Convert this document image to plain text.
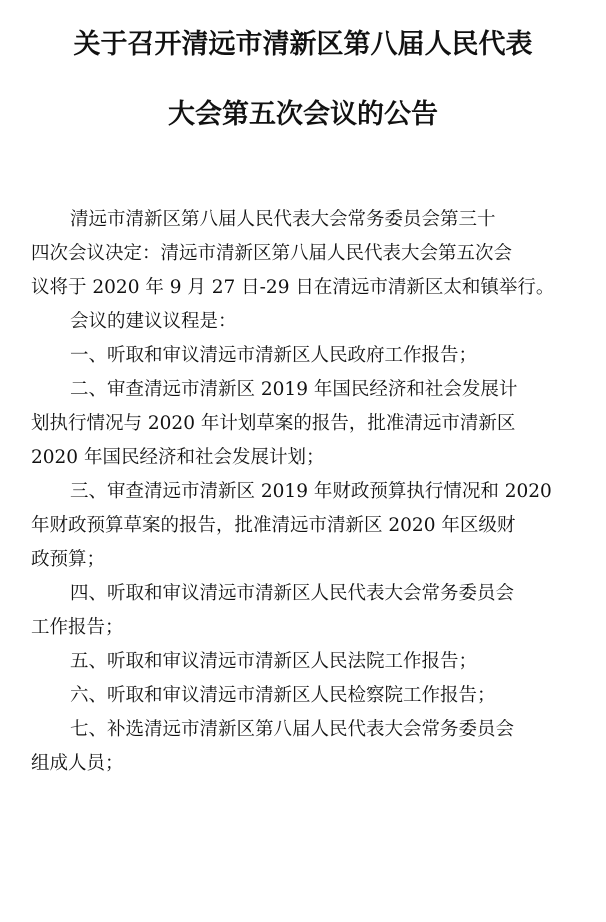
关于召开清远市清新区第八届人民代表
大会第五次会议的公告
清远市清新区第八届人民代表大会常务委员会第三十
四次会议决定：清远市清新区第八届人民代表大会第五次会
议将于 2020 年 9 月 27 日-29 日在清远市清新区太和镇举行。
会议的建议议程是：
一、听取和审议清远市清新区人民政府工作报告；
二、审查清远市清新区 2019 年国民经济和社会发展计
划执行情况与 2020 年计划草案的报告，批准清远市清新区
2020 年国民经济和社会发展计划；
三、审查清远市清新区 2019 年财政预算执行情况和 2020
年财政预算草案的报告，批准清远市清新区 2020 年区级财
政预算；
四、听取和审议清远市清新区人民代表大会常务委员会
工作报告；
五、听取和审议清远市清新区人民法院工作报告；
六、听取和审议清远市清新区人民检察院工作报告；
七、补选清远市清新区第八届人民代表大会常务委员会
组成人员；
